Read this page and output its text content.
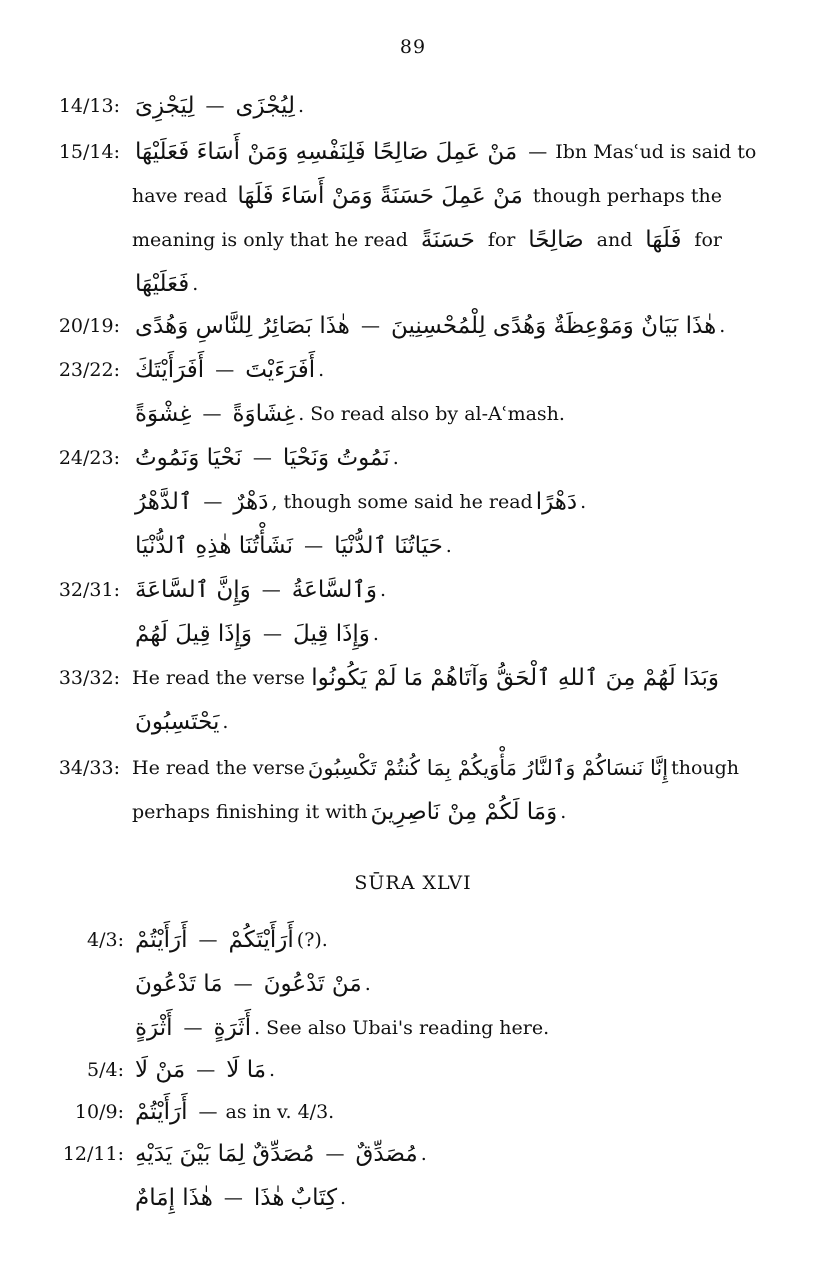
89
14/13: لِيَجْزِىَ — لِيُجْزَى .
15/14: مَنْ عَمِلَ صَالِحًا فَلِنَفْسِهِ وَمَنْ أَسَاءَ فَعَلَيْهَا — Ibn Masʿud is said to
have read مَنْ عَمِلَ حَسَنَةً وَمَنْ أَسَاءَ فَلَهَا though perhaps the
meaning is only that he read حَسَنَةً for صَالِحًا and فَلَهَا for
فَعَلَيْهَا .
20/19: هٰذَا بَصَائِرُ لِلنَّاسِ وَهُدًى — هٰذَا بَيَانٌ وَمَوْعِظَةٌ وَهُدًى لِلْمُحْسِنِينَ .
23/22: أَفَرَأَيْتَكَ — أَفَرَءَيْتَ .
غِشْوَةً — غِشَاوَةً . So read also by al-Aʿmash.
24/23: نَحْيَا وَنَمُوتُ — نَمُوتُ وَنَحْيَا .
ٱلدَّهْرُ — دَهْرٌ , though some said he read دَهْرًا .
نَشَأْتُنَا هٰذِهِ ٱلدُّنْيَا — حَيَاتُنَا ٱلدُّنْيَا .
32/31: وَإِنَّ ٱلسَّاعَةَ — وَٱلسَّاعَةُ .
وَإِذَا قِيلَ لَهُمْ — وَإِذَا قِيلَ .
33/32: He read the verse وَبَدَا لَهُمْ مِنَ ٱللهِ ٱلْحَقُّ وَآتَاهُمْ مَا لَمْ يَكُونُوا
يَحْتَسِبُونَ .
34/33: He read the verse إِنَّا نَنسَاكُمْ وَٱلنَّارُ مَأْوَيكُمْ بِمَا كُنتُمْ تَكْسِبُونَ though
perhaps finishing it with وَمَا لَكُمْ مِنْ نَاصِرِينَ .
SŪRA XLVI
4/3: أَرَأَيْتُمْ — أَرَأَيْتَكُمْ (?).
مَا تَدْعُونَ — مَنْ تَدْعُونَ .
أَثْرَةٍ — أَثَرَةٍ . See also Ubai's reading here.
5/4: مَنْ لَا — مَا لَا .
10/9: أَرَأَيْتُمْ — as in v. 4/3.
12/11: مُصَدِّقٌ لِمَا بَيْنَ يَدَيْهِ — مُصَدِّقٌ .
هٰذَا إِمَامٌ — هٰذَا كِتَابٌ .
